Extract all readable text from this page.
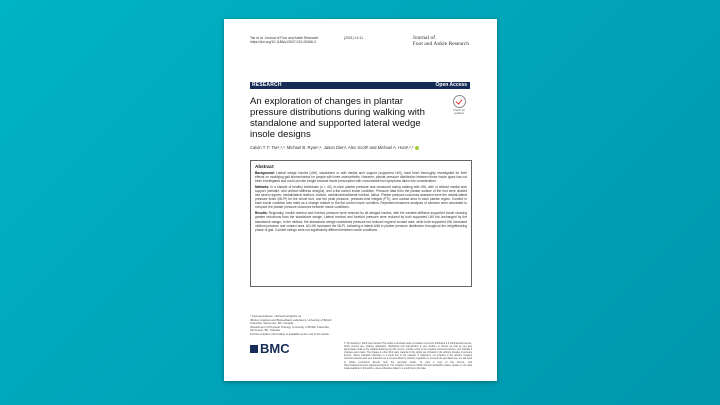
Tse et al. Journal of Foot and Ankle Research
https://doi.org/10.1186/s13047-021-00466-3
(2021) 14:11	Journal of
Foot and Ankle Research
RESEARCH	Open Access
An exploration of changes in plantar pressure distributions during walking with standalone and supported lateral wedge insole designs
Check for updates
Calvin T. F. Tse¹,²,³, Michael B. Ryan¹,², Jason Dien¹, Alex Scott³ and Michael A. Hunt¹,²,³
Abstract

Background: Lateral wedge insoles (LWI), standalone or with medial arch support (supported LWI), have been thoroughly investigated for their effects on modifying gait biomechanics for people with knee osteoarthritis. However, plantar pressure distribution between these insole types has not been investigated and could provide insight towards insole prescription with concomitant foot symptoms taken into consideration.

Methods: In a sample of healthy individuals (n = 40), in-shoe plantar pressure was measured during walking with LWI, with or without medial arch support (variable- and uniform-stiffness designs), and a flat control insole condition. Pressure data from the plantar surface of the foot were divided into seven regions: medial/lateral rearfoot, midfoot, medial/central/lateral forefoot, hallux. Plantar pressure outcomes assessed were the medial-lateral pressure index (MLPI) for the whole foot, and the peak pressure, pressure-time integral (PTI), and contact area in each plantar region. Comfort in each insole condition was rated as a change relative to the flat control insole condition. Repeated-measures analyses of variance were calculated to compare the plantar pressure outcomes between insole conditions.

Results: Regionally, medial rearfoot and forefoot pressure were reduced by all wedged insoles, with the variable-stiffness supported insole showing greater reductions than the standalone wedge. Lateral rearfoot and forefoot pressure were reduced by both supported LWI but unchanged by the standalone wedge. In the midfoot, the standalone wedge maintained pressure but reduced regional contact area, while both supported LWI increased midfoot pressure and contact area. All LWI increased the MLPI, indicating a lateral shift in plantar pressure distribution throughout the weightbearing phase of gait. Comfort ratings were not significantly different between insole conditions.

* Correspondence: michael.hunt@ubc.ca
¹Motion Analysis and Biofeedback Laboratory, University of British Columbia, Vancouver, BC, Canada
²Department of Physical Therapy, University of British Columbia, Vancouver, BC, Canada
Full list of author information is available at the end of the article
BMC	© The Author(s). 2021 Open Access This article is licensed under a Creative Commons Attribution 4.0 International License, which permits use, sharing, adaptation, distribution and reproduction in any medium or format, as long as you give appropriate credit to the original author(s) and the source, provide a link to the Creative Commons licence, and indicate if changes were made. The images or other third party material in this article are included in the article's Creative Commons licence, unless indicated otherwise in a credit line to the material. If material is not included in the article's Creative Commons licence and your intended use is not permitted by statutory regulation or exceeds the permitted use, you will need to obtain permission directly from the copyright holder. To view a copy of this licence, visit http://creativecommons.org/licenses/by/4.0/. The Creative Commons Public Domain Dedication waiver applies to the data made available in this article, unless otherwise stated in a credit line to the data.
